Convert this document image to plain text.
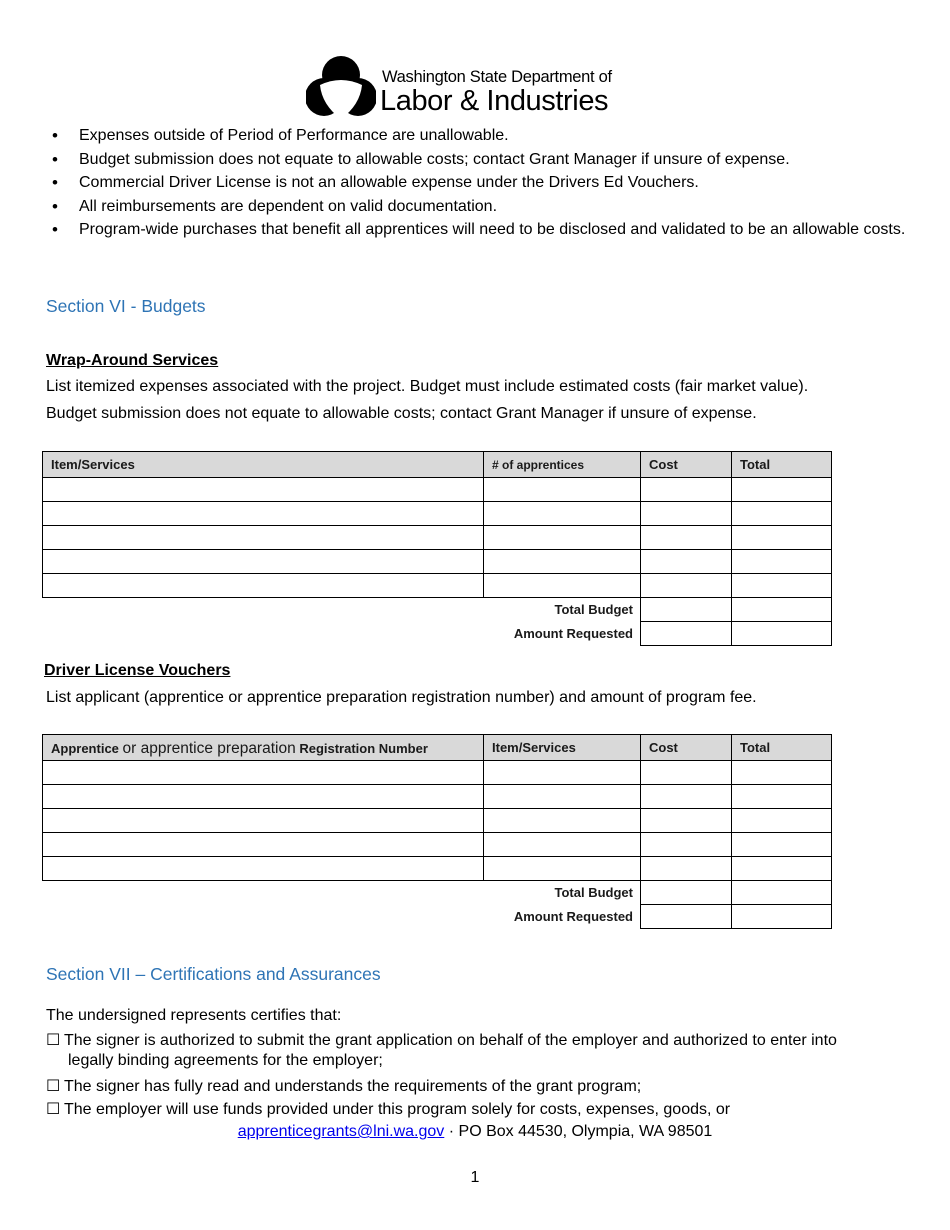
Washington State Department of
Labor & Industries
• Expenses outside of Period of Performance are unallowable.
• Budget submission does not equate to allowable costs; contact Grant Manager if unsure of expense.
• Commercial Driver License is not an allowable expense under the Drivers Ed Vouchers.
• All reimbursements are dependent on valid documentation.
• Program-wide purchases that benefit all apprentices will need to be disclosed and validated to be an allowable costs.
Section VI - Budgets
Wrap-Around Services
List itemized expenses associated with the project. Budget must include estimated costs (fair market value).
Budget submission does not equate to allowable costs; contact Grant Manager if unsure of expense.
Item/Services	# of apprentices	Cost	Total

Total Budget			
Amount Requested			
Driver License Vouchers
List applicant (apprentice or apprentice preparation registration number) and amount of program fee.
Apprentice or apprentice preparation Registration Number	Item/Services	Cost	Total

Total Budget			
Amount Requested			
Section VII – Certifications and Assurances
The undersigned represents certifies that:
☐ The signer is authorized to submit the grant application on behalf of the employer and authorized to enter into
legally binding agreements for the employer;
☐ The signer has fully read and understands the requirements of the grant program;
☐ The employer will use funds provided under this program solely for costs, expenses, goods, or
apprenticegrants@lni.wa.gov · PO Box 44530, Olympia, WA 98501
1
